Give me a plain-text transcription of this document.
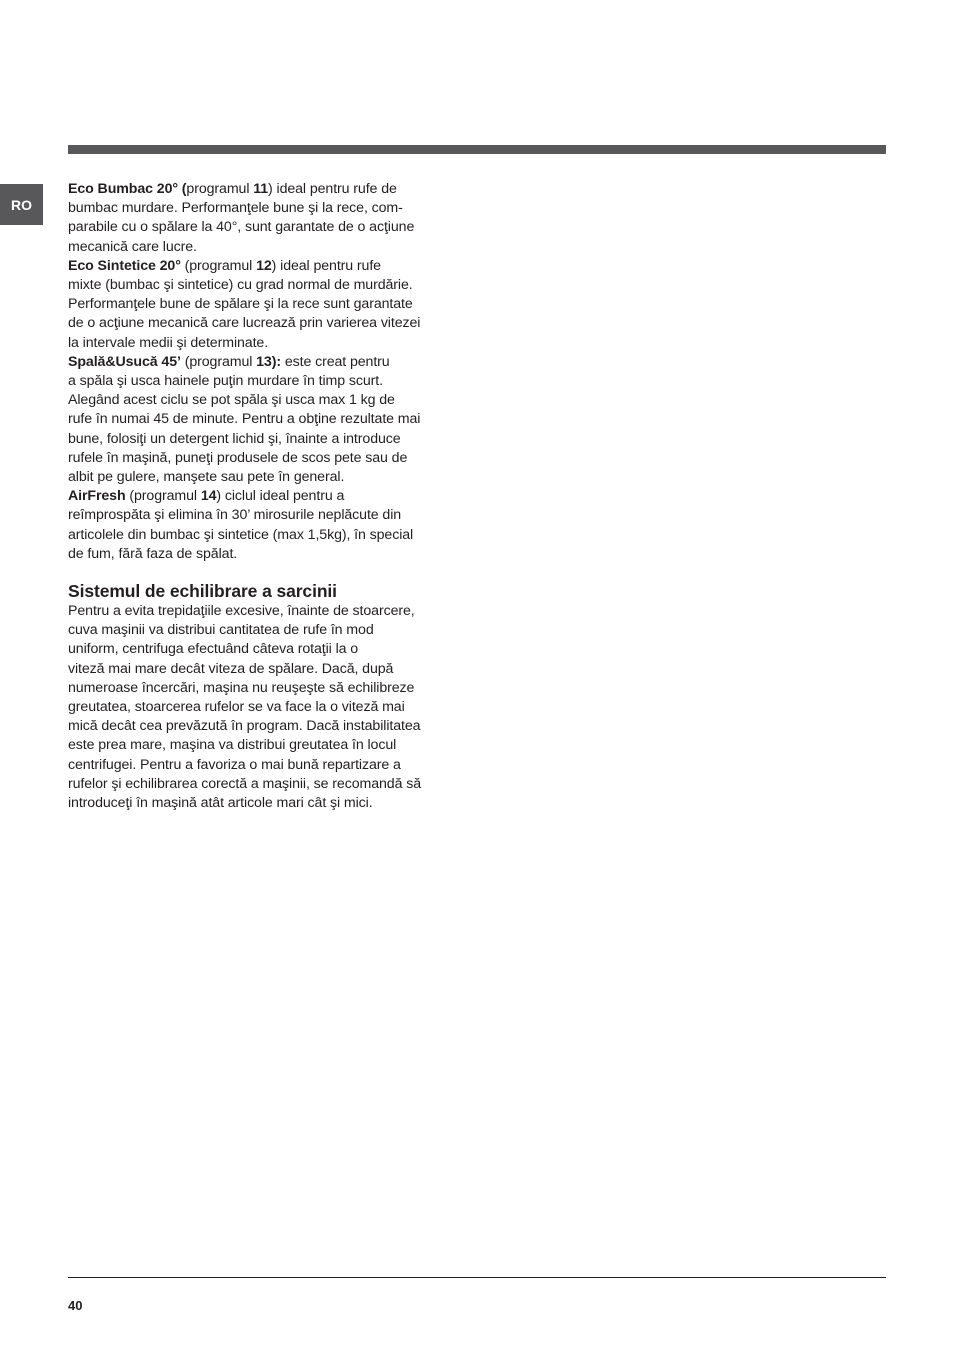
RO

Eco Bumbac 20° (programul 11) ideal pentru rufe de
bumbac murdare. Performanţele bune şi la rece, com-
parabile cu o spălare la 40°, sunt garantate de o acţiune
mecanică care lucre.

Eco Sintetice 20° (programul 12) ideal pentru rufe
mixte (bumbac şi sintetice) cu grad normal de murdărie.
Performanţele bune de spălare şi la rece sunt garantate
de o acţiune mecanică care lucrează prin varierea vitezei
la intervale medii şi determinate.

Spală&Usucă 45’ (programul 13): este creat pentru
a spăla şi usca hainele puţin murdare în timp scurt.
Alegând acest ciclu se pot spăla şi usca max 1 kg de
rufe în numai 45 de minute. Pentru a obţine rezultate mai
bune, folosiţi un detergent lichid şi, înainte a introduce
rufele în maşină, puneţi produsele de scos pete sau de
albit pe gulere, manşete sau pete în general.

AirFresh (programul 14) ciclul ideal pentru a
reîmprospăta şi elimina în 30’ mirosurile neplăcute din
articolele din bumbac şi sintetice (max 1,5kg), în special
de fum, fără faza de spălat.

Sistemul de echilibrare a sarcinii

Pentru a evita trepidaţiile excesive, înainte de stoarcere,
cuva maşinii va distribui cantitatea de rufe în mod
uniform, centrifuga efectuând câteva rotaţii la o
viteză mai mare decât viteza de spălare. Dacă, după
numeroase încercări, maşina nu reuşeşte să echilibreze
greutatea, stoarcerea rufelor se va face la o viteză mai
mică decât cea prevăzută în program. Dacă instabilitatea
este prea mare, maşina va distribui greutatea în locul
centrifugei. Pentru a favoriza o mai bună repartizare a
rufelor şi echilibrarea corectă a maşinii, se recomandă să
introduceţi în maşină atât articole mari cât şi mici.

40
